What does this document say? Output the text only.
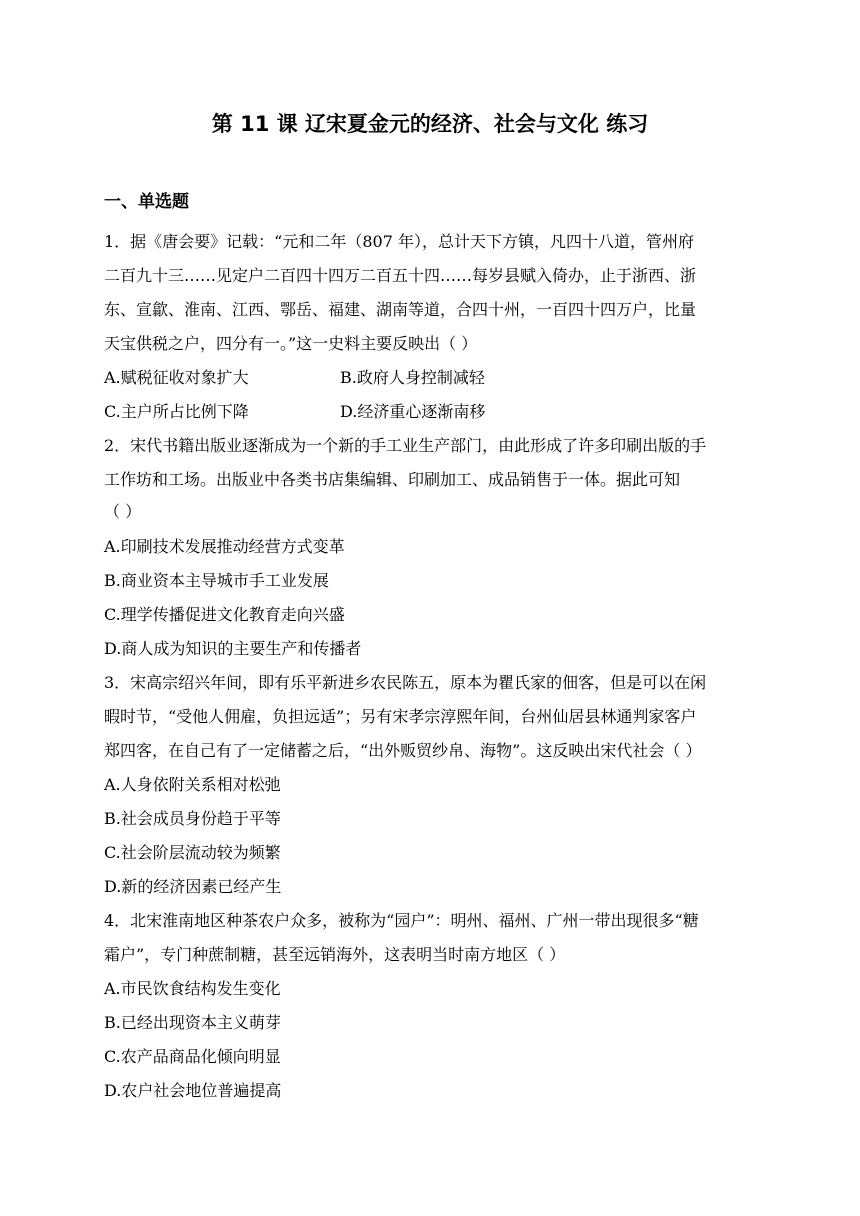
第 11 课 辽宋夏金元的经济、社会与文化 练习
一、单选题
1．据《唐会要》记载：“元和二年（807 年），总计天下方镇，凡四十八道，管州府
二百九十三……见定户二百四十四万二百五十四……每岁县赋入倚办，止于浙西、浙
东、宣歙、淮南、江西、鄂岳、福建、湖南等道，合四十州，一百四十四万户，比量
天宝供税之户，四分有一。”这一史料主要反映出（ ）
A.赋税征收对象扩大	B.政府人身控制减轻
C.主户所占比例下降	D.经济重心逐渐南移
2．宋代书籍出版业逐渐成为一个新的手工业生产部门，由此形成了许多印刷出版的手
工作坊和工场。出版业中各类书店集编辑、印刷加工、成品销售于一体。据此可知
（ ）
A.印刷技术发展推动经营方式变革
B.商业资本主导城市手工业发展
C.理学传播促进文化教育走向兴盛
D.商人成为知识的主要生产和传播者
3．宋高宗绍兴年间，即有乐平新进乡农民陈五，原本为瞿氏家的佃客，但是可以在闲
暇时节，“受他人佣雇，负担远适”；另有宋孝宗淳熙年间，台州仙居县林通判家客户
郑四客，在自己有了一定储蓄之后，“出外贩贸纱帛、海物”。这反映出宋代社会（ ）
A.人身依附关系相对松弛
B.社会成员身份趋于平等
C.社会阶层流动较为频繁
D.新的经济因素已经产生
4．北宋淮南地区种茶农户众多，被称为“园户”：明州、福州、广州一带出现很多“糖
霜户”，专门种蔗制糖，甚至远销海外，这表明当时南方地区（ ）
A.市民饮食结构发生变化
B.已经出现资本主义萌芽
C.农产品商品化倾向明显
D.农户社会地位普遍提高
